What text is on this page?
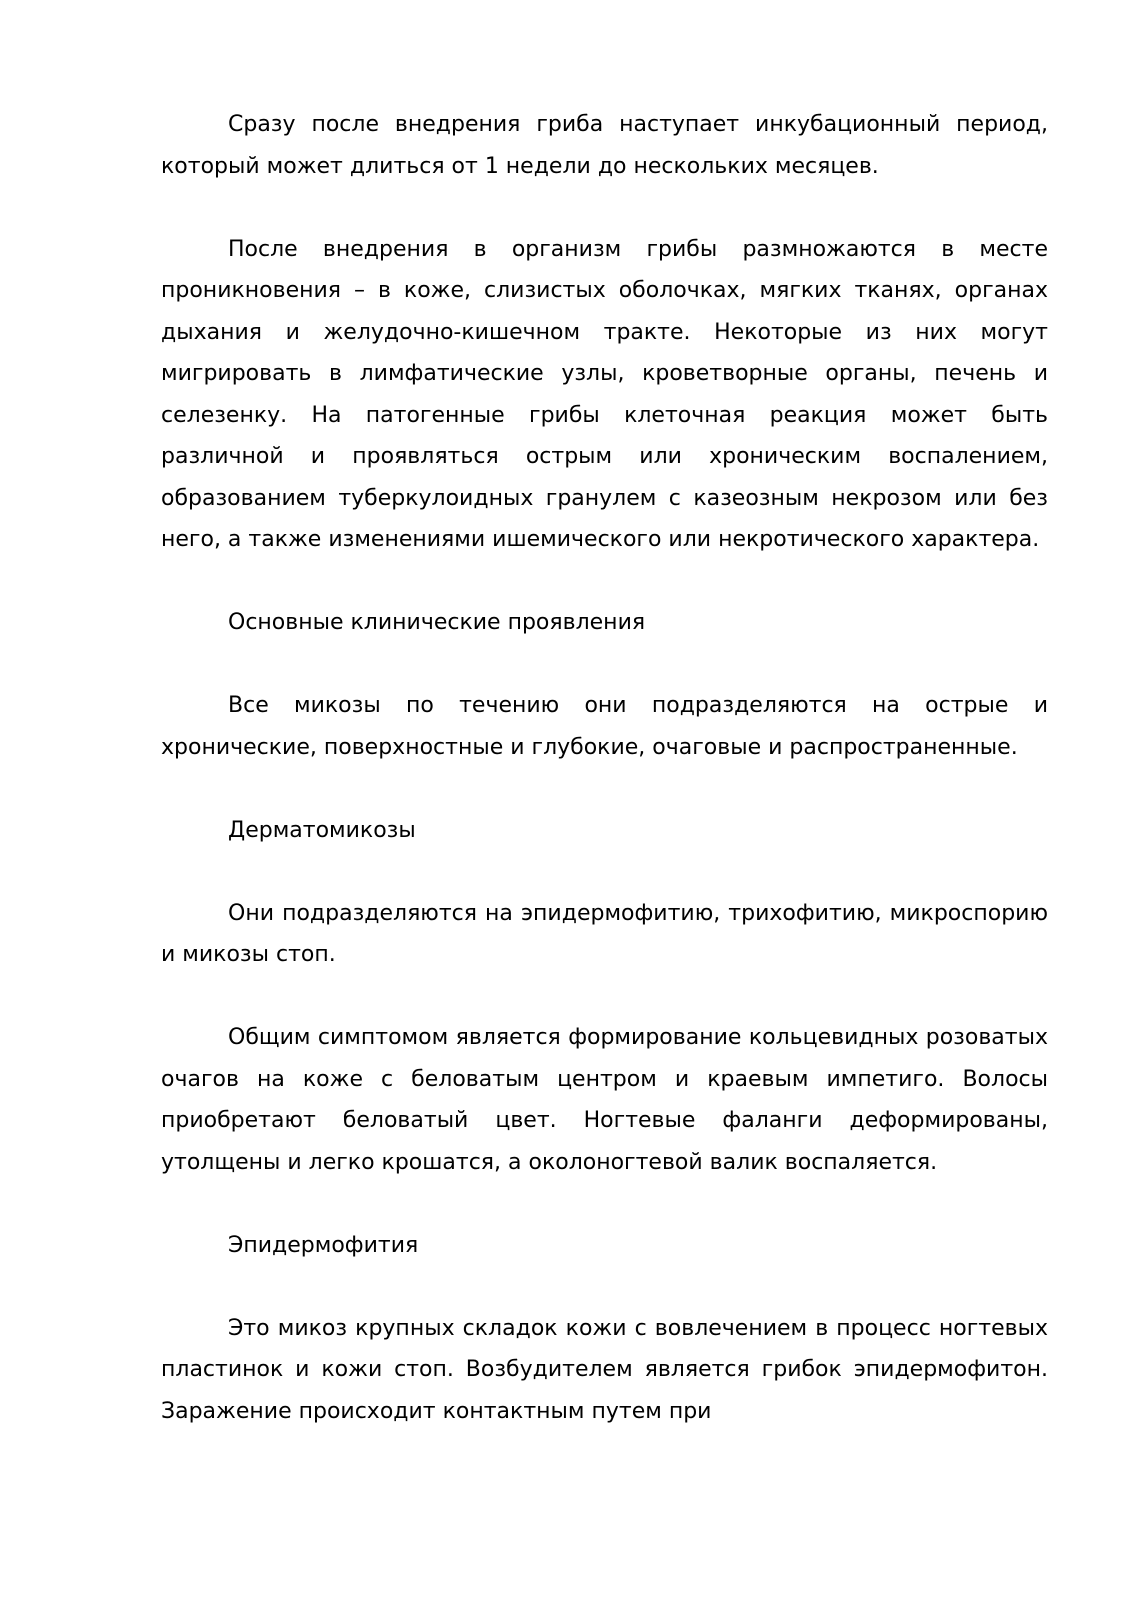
Сразу после внедрения гриба наступает инкубационный период, который может длиться от 1 недели до нескольких месяцев.

После внедрения в организм грибы размножаются в месте проникновения – в коже, слизистых оболочках, мягких тканях, органах дыхания и желудочно-кишечном тракте. Некоторые из них могут мигрировать в лимфатические узлы, кроветворные органы, печень и селезенку. На патогенные грибы клеточная реакция может быть различной и проявляться острым или хроническим воспалением, образованием туберкулоидных гранулем с казеозным некрозом или без него, а также изменениями ишемического или некротического характера.

Основные клинические проявления

Все микозы по течению они подразделяются на острые и хронические, поверхностные и глубокие, очаговые и распространенные.

Дерматомикозы

Они подразделяются на эпидермофитию, трихофитию, микроспорию и микозы стоп.

Общим симптомом является формирование кольцевидных розоватых очагов на коже с беловатым центром и краевым импетиго. Волосы приобретают беловатый цвет. Ногтевые фаланги деформированы, утолщены и легко крошатся, а околоногтевой валик воспаляется.

Эпидермофития

Это микоз крупных складок кожи с вовлечением в процесс ногтевых пластинок и кожи стоп. Возбудителем является грибок эпидермофитон. Заражение происходит контактным путем при
